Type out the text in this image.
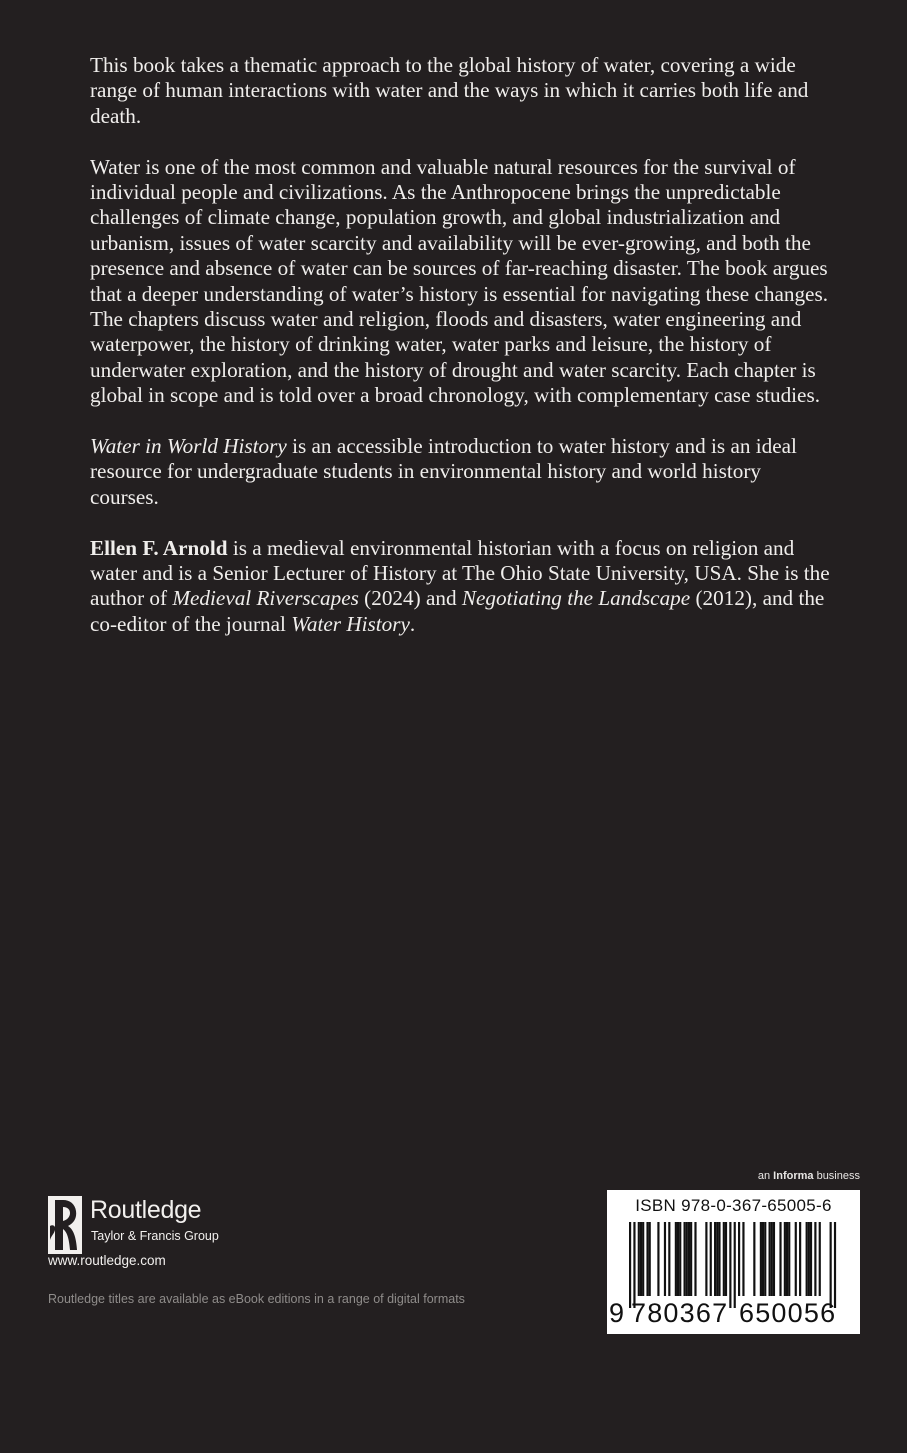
This book takes a thematic approach to the global history of water, covering a wide range of human interactions with water and the ways in which it carries both life and death.

Water is one of the most common and valuable natural resources for the survival of individual people and civilizations. As the Anthropocene brings the unpredictable challenges of climate change, population growth, and global industrialization and urbanism, issues of water scarcity and availability will be ever-growing, and both the presence and absence of water can be sources of far-reaching disaster. The book argues that a deeper understanding of water’s history is essential for navigating these changes. The chapters discuss water and religion, floods and disasters, water engineering and waterpower, the history of drinking water, water parks and leisure, the history of underwater exploration, and the history of drought and water scarcity. Each chapter is global in scope and is told over a broad chronology, with complementary case studies.

Water in World History is an accessible introduction to water history and is an ideal resource for undergraduate students in environmental history and world history courses.

Ellen F. Arnold is a medieval environmental historian with a focus on religion and water and is a Senior Lecturer of History at The Ohio State University, USA. She is the author of Medieval Riverscapes (2024) and Negotiating the Landscape (2012), and the co-editor of the journal Water History.

an Informa business
ISBN 978-0-367-65005-6

9

780367

650056

Routledge
Taylor & Francis Group
www.routledge.com
Routledge titles are available as eBook editions in a range of digital formats
